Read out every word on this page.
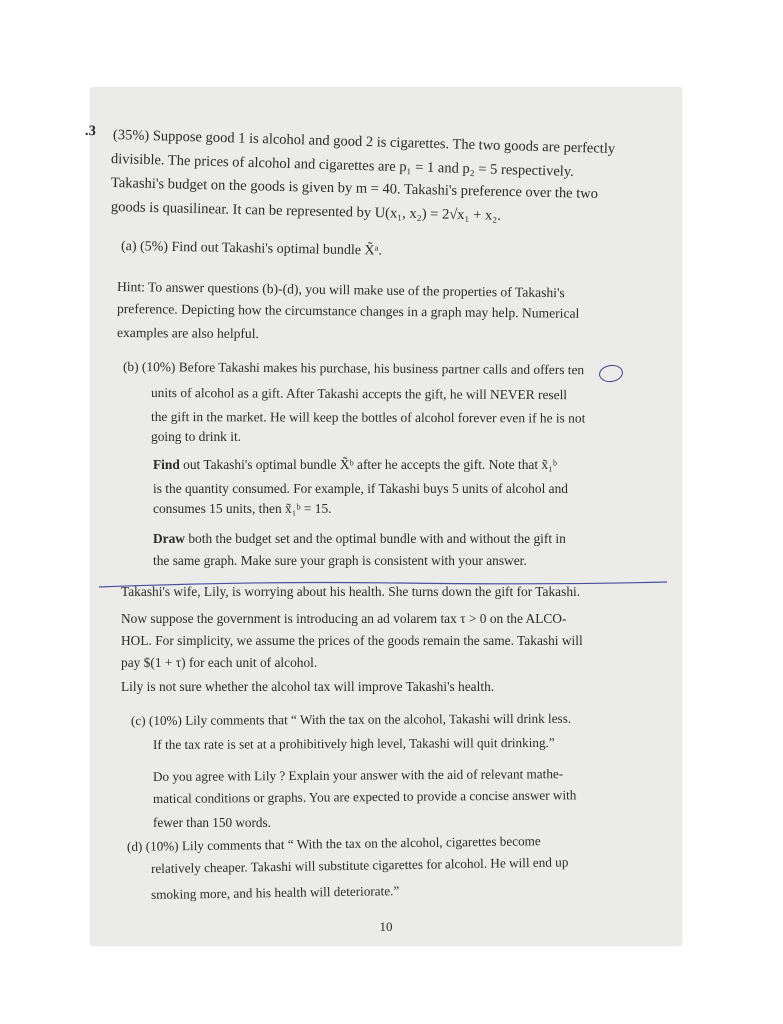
.3 (35%) Suppose good 1 is alcohol and good 2 is cigarettes. The two goods are perfectly
divisible. The prices of alcohol and cigarettes are p₁ = 1 and p₂ = 5 respectively.
Takashi's budget on the goods is given by m = 40. Takashi's preference over the two
goods is quasilinear. It can be represented by U(x₁, x₂) = 2√x₁ + x₂.
(a) (5%) Find out Takashi's optimal bundle X̃ᵃ.
Hint: To answer questions (b)-(d), you will make use of the properties of Takashi's
preference. Depicting how the circumstance changes in a graph may help. Numerical
examples are also helpful.
(b) (10%) Before Takashi makes his purchase, his business partner calls and offers ten
units of alcohol as a gift. After Takashi accepts the gift, he will NEVER resell
the gift in the market. He will keep the bottles of alcohol forever even if he is not
going to drink it.
Find out Takashi's optimal bundle X̃ᵇ after he accepts the gift. Note that x̃₁ᵇ
is the quantity consumed. For example, if Takashi buys 5 units of alcohol and
consumes 15 units, then x̃₁ᵇ = 15.
Draw both the budget set and the optimal bundle with and without the gift in
the same graph. Make sure your graph is consistent with your answer.
Takashi's wife, Lily, is worrying about his health. She turns down the gift for Takashi.
Now suppose the government is introducing an ad volarem tax τ > 0 on the ALCO-
HOL. For simplicity, we assume the prices of the goods remain the same. Takashi will
pay $(1 + τ) for each unit of alcohol.
Lily is not sure whether the alcohol tax will improve Takashi's health.
(c) (10%) Lily comments that “ With the tax on the alcohol, Takashi will drink less.
If the tax rate is set at a prohibitively high level, Takashi will quit drinking.”
Do you agree with Lily ? Explain your answer with the aid of relevant mathe-
matical conditions or graphs. You are expected to provide a concise answer with
fewer than 150 words.
(d) (10%) Lily comments that “ With the tax on the alcohol, cigarettes become
relatively cheaper. Takashi will substitute cigarettes for alcohol. He will end up
smoking more, and his health will deteriorate.”
10
